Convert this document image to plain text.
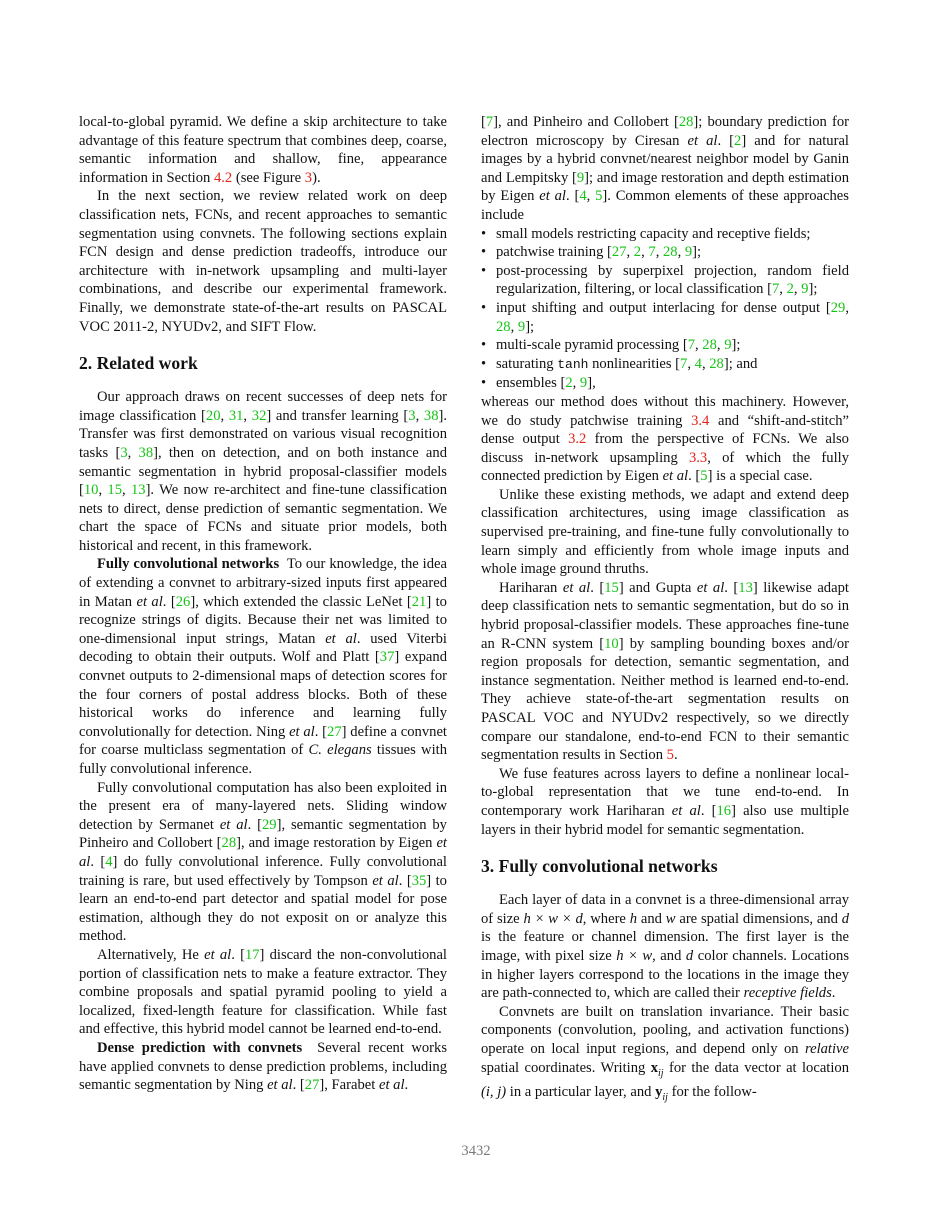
local-to-global pyramid. We define a skip architecture to take advantage of this feature spectrum that combines deep, coarse, semantic information and shallow, fine, appearance information in Section 4.2 (see Figure 3).

In the next section, we review related work on deep classification nets, FCNs, and recent approaches to semantic segmentation using convnets. The following sections explain FCN design and dense prediction tradeoffs, introduce our architecture with in-network upsampling and multi-layer combinations, and describe our experimental framework. Finally, we demonstrate state-of-the-art results on PASCAL VOC 2011-2, NYUDv2, and SIFT Flow.

2. Related work

Our approach draws on recent successes of deep nets for image classification [20, 31, 32] and transfer learning [3, 38]. Transfer was first demonstrated on various visual recognition tasks [3, 38], then on detection, and on both instance and semantic segmentation in hybrid proposal-classifier models [10, 15, 13]. We now re-architect and fine-tune classification nets to direct, dense prediction of semantic segmentation. We chart the space of FCNs and situate prior models, both historical and recent, in this framework.

Fully convolutional networks To our knowledge, the idea of extending a convnet to arbitrary-sized inputs first appeared in Matan et al. [26], which extended the classic LeNet [21] to recognize strings of digits. Because their net was limited to one-dimensional input strings, Matan et al. used Viterbi decoding to obtain their outputs. Wolf and Platt [37] expand convnet outputs to 2-dimensional maps of detection scores for the four corners of postal address blocks. Both of these historical works do inference and learning fully convolutionally for detection. Ning et al. [27] define a convnet for coarse multiclass segmentation of C. elegans tissues with fully convolutional inference.

Fully convolutional computation has also been exploited in the present era of many-layered nets. Sliding window detection by Sermanet et al. [29], semantic segmentation by Pinheiro and Collobert [28], and image restoration by Eigen et al. [4] do fully convolutional inference. Fully convolutional training is rare, but used effectively by Tompson et al. [35] to learn an end-to-end part detector and spatial model for pose estimation, although they do not exposit on or analyze this method.

Alternatively, He et al. [17] discard the non-convolutional portion of classification nets to make a feature extractor. They combine proposals and spatial pyramid pooling to yield a localized, fixed-length feature for classification. While fast and effective, this hybrid model cannot be learned end-to-end.

Dense prediction with convnets Several recent works have applied convnets to dense prediction problems, including semantic segmentation by Ning et al. [27], Farabet et al.

[7], and Pinheiro and Collobert [28]; boundary prediction for electron microscopy by Ciresan et al. [2] and for natural images by a hybrid convnet/nearest neighbor model by Ganin and Lempitsky [9]; and image restoration and depth estimation by Eigen et al. [4, 5]. Common elements of these approaches include

• small models restricting capacity and receptive fields;
• patchwise training [27, 2, 7, 28, 9];
• post-processing by superpixel projection, random field regularization, filtering, or local classification [7, 2, 9];
• input shifting and output interlacing for dense output [29, 28, 9];
• multi-scale pyramid processing [7, 28, 9];
• saturating tanh nonlinearities [7, 4, 28]; and
• ensembles [2, 9],

whereas our method does without this machinery. However, we do study patchwise training 3.4 and “shift-and-stitch” dense output 3.2 from the perspective of FCNs. We also discuss in-network upsampling 3.3, of which the fully connected prediction by Eigen et al. [5] is a special case.

Unlike these existing methods, we adapt and extend deep classification architectures, using image classification as supervised pre-training, and fine-tune fully convolutionally to learn simply and efficiently from whole image inputs and whole image ground thruths.

Hariharan et al. [15] and Gupta et al. [13] likewise adapt deep classification nets to semantic segmentation, but do so in hybrid proposal-classifier models. These approaches fine-tune an R-CNN system [10] by sampling bounding boxes and/or region proposals for detection, semantic segmentation, and instance segmentation. Neither method is learned end-to-end. They achieve state-of-the-art segmentation results on PASCAL VOC and NYUDv2 respectively, so we directly compare our standalone, end-to-end FCN to their semantic segmentation results in Section 5.

We fuse features across layers to define a nonlinear local-to-global representation that we tune end-to-end. In contemporary work Hariharan et al. [16] also use multiple layers in their hybrid model for semantic segmentation.

3. Fully convolutional networks

Each layer of data in a convnet is a three-dimensional array of size h × w × d, where h and w are spatial dimensions, and d is the feature or channel dimension. The first layer is the image, with pixel size h × w, and d color channels. Locations in higher layers correspond to the locations in the image they are path-connected to, which are called their receptive fields.

Convnets are built on translation invariance. Their basic components (convolution, pooling, and activation functions) operate on local input regions, and depend only on relative spatial coordinates. Writing $x_{ij}$ for the data vector at location (i, j) in a particular layer, and $y_{ij}$ for the follow-

3432
